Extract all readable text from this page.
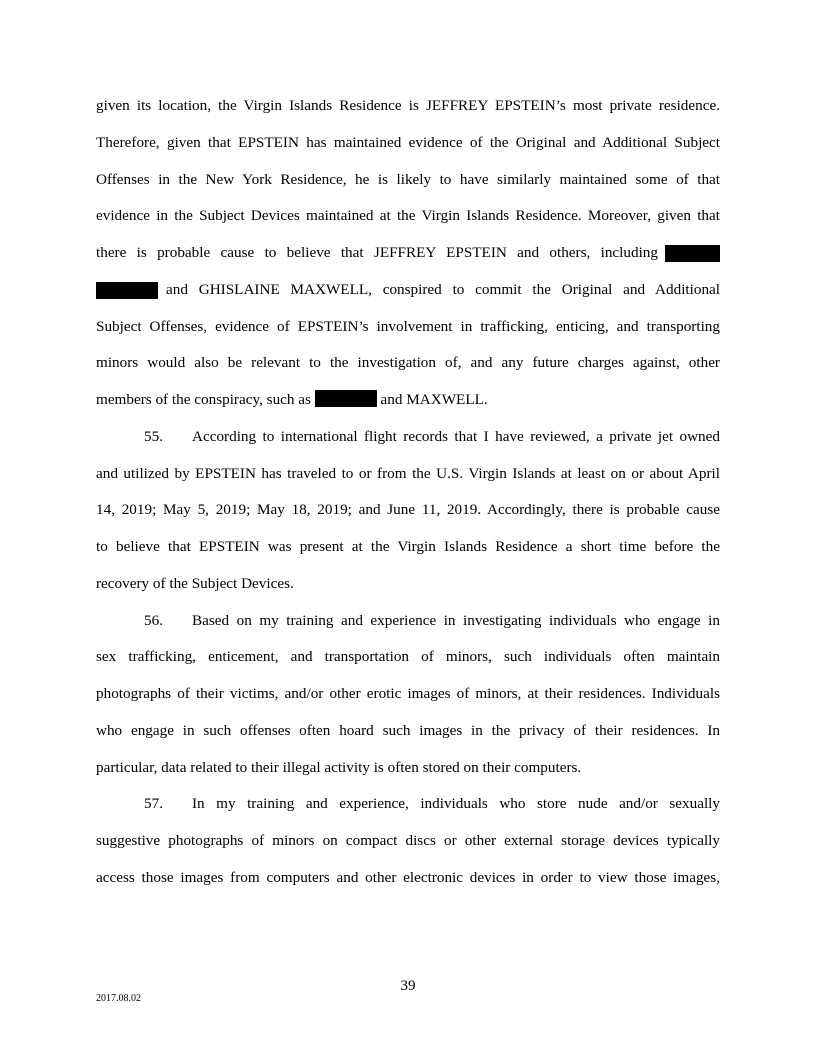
given its location, the Virgin Islands Residence is JEFFREY EPSTEIN’s most private residence.
Therefore, given that EPSTEIN has maintained evidence of the Original and Additional Subject
Offenses in the New York Residence, he is likely to have similarly maintained some of that
evidence in the Subject Devices maintained at the Virgin Islands Residence. Moreover, given that
there is probable cause to believe that JEFFREY EPSTEIN and others, including
and GHISLAINE MAXWELL, conspired to commit the Original and Additional
Subject Offenses, evidence of EPSTEIN’s involvement in trafficking, enticing, and transporting
minors would also be relevant to the investigation of, and any future charges against, other
members of the conspiracy, such as	and MAXWELL.
55.	According to international flight records that I have reviewed, a private jet owned
and utilized by EPSTEIN has traveled to or from the U.S. Virgin Islands at least on or about April
14, 2019; May 5, 2019; May 18, 2019; and June 11, 2019. Accordingly, there is probable cause
to believe that EPSTEIN was present at the Virgin Islands Residence a short time before the
recovery of the Subject Devices.
56.	Based on my training and experience in investigating individuals who engage in
sex trafficking, enticement, and transportation of minors, such individuals often maintain
photographs of their victims, and/or other erotic images of minors, at their residences. Individuals
who engage in such offenses often hoard such images in the privacy of their residences. In
particular, data related to their illegal activity is often stored on their computers.
57.	In my training and experience, individuals who store nude and/or sexually
suggestive photographs of minors on compact discs or other external storage devices typically
access those images from computers and other electronic devices in order to view those images,
39
2017.08.02
